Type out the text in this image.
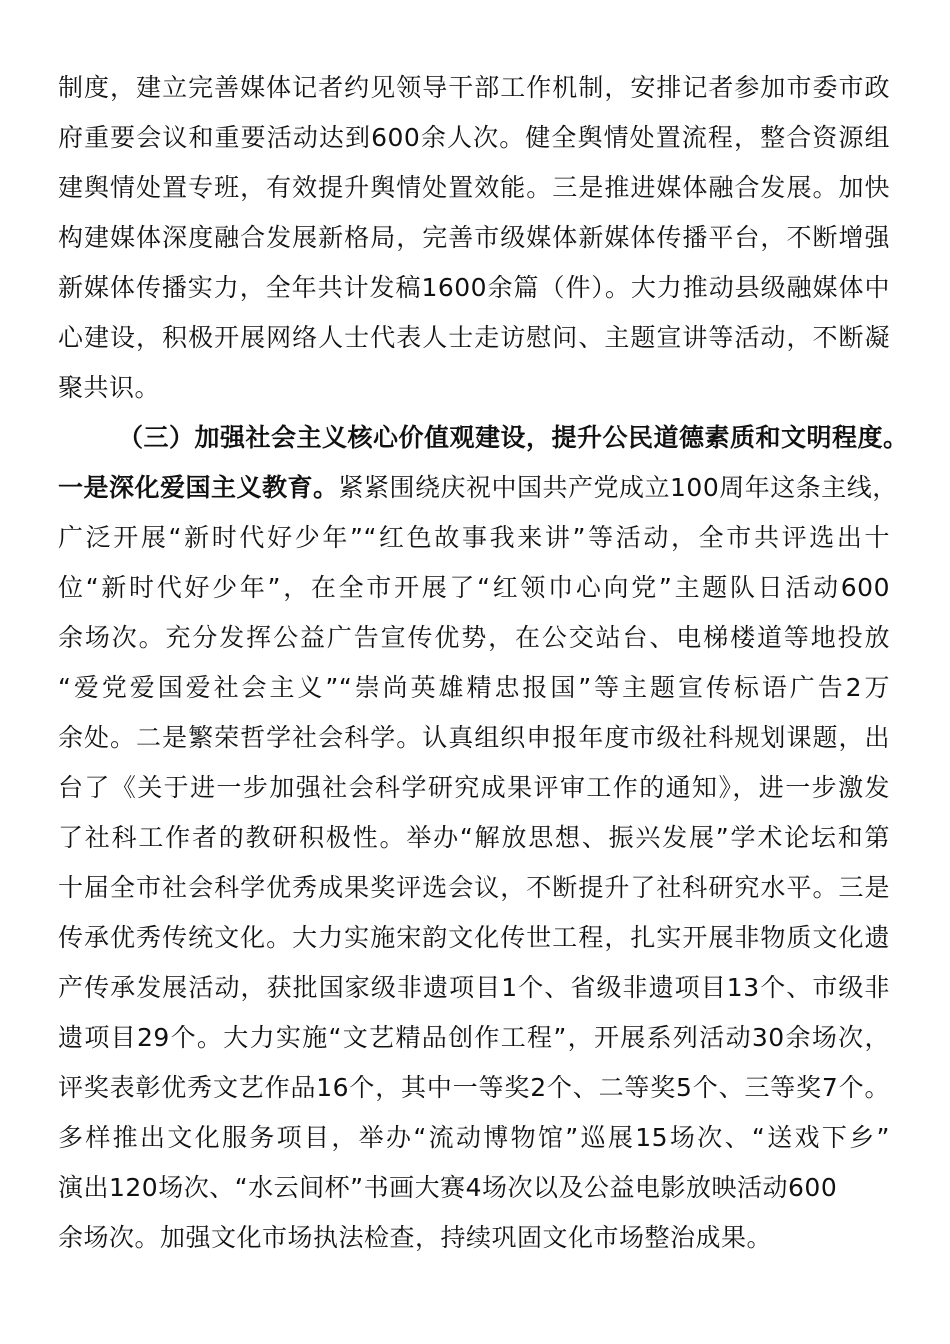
制度，建立完善媒体记者约见领导干部工作机制，安排记者参加市委市政
府重要会议和重要活动达到600余人次。健全舆情处置流程，整合资源组
建舆情处置专班，有效提升舆情处置效能。三是推进媒体融合发展。加快
构建媒体深度融合发展新格局，完善市级媒体新媒体传播平台，不断增强
新媒体传播实力，全年共计发稿1600余篇（件）。大力推动县级融媒体中
心建设，积极开展网络人士代表人士走访慰问、主题宣讲等活动，不断凝
聚共识。
（三）加强社会主义核心价值观建设，提升公民道德素质和文明程度。
一是深化爱国主义教育。紧紧围绕庆祝中国共产党成立100周年这条主线，
广泛开展“新时代好少年”“红色故事我来讲”等活动，全市共评选出十
位“新时代好少年”，在全市开展了“红领巾心向党”主题队日活动600
余场次。充分发挥公益广告宣传优势，在公交站台、电梯楼道等地投放
“爱党爱国爱社会主义”“崇尚英雄精忠报国”等主题宣传标语广告2万
余处。二是繁荣哲学社会科学。认真组织申报年度市级社科规划课题，出
台了《关于进一步加强社会科学研究成果评审工作的通知》，进一步激发
了社科工作者的教研积极性。举办“解放思想、振兴发展”学术论坛和第
十届全市社会科学优秀成果奖评选会议，不断提升了社科研究水平。三是
传承优秀传统文化。大力实施宋韵文化传世工程，扎实开展非物质文化遗
产传承发展活动，获批国家级非遗项目1个、省级非遗项目13个、市级非
遗项目29个。大力实施“文艺精品创作工程”，开展系列活动30余场次，
评奖表彰优秀文艺作品16个，其中一等奖2个、二等奖5个、三等奖7个。
多样推出文化服务项目，举办“流动博物馆”巡展15场次、“送戏下乡”
演出120场次、“水云间杯”书画大赛4场次以及公益电影放映活动600
余场次。加强文化市场执法检查，持续巩固文化市场整治成果。
